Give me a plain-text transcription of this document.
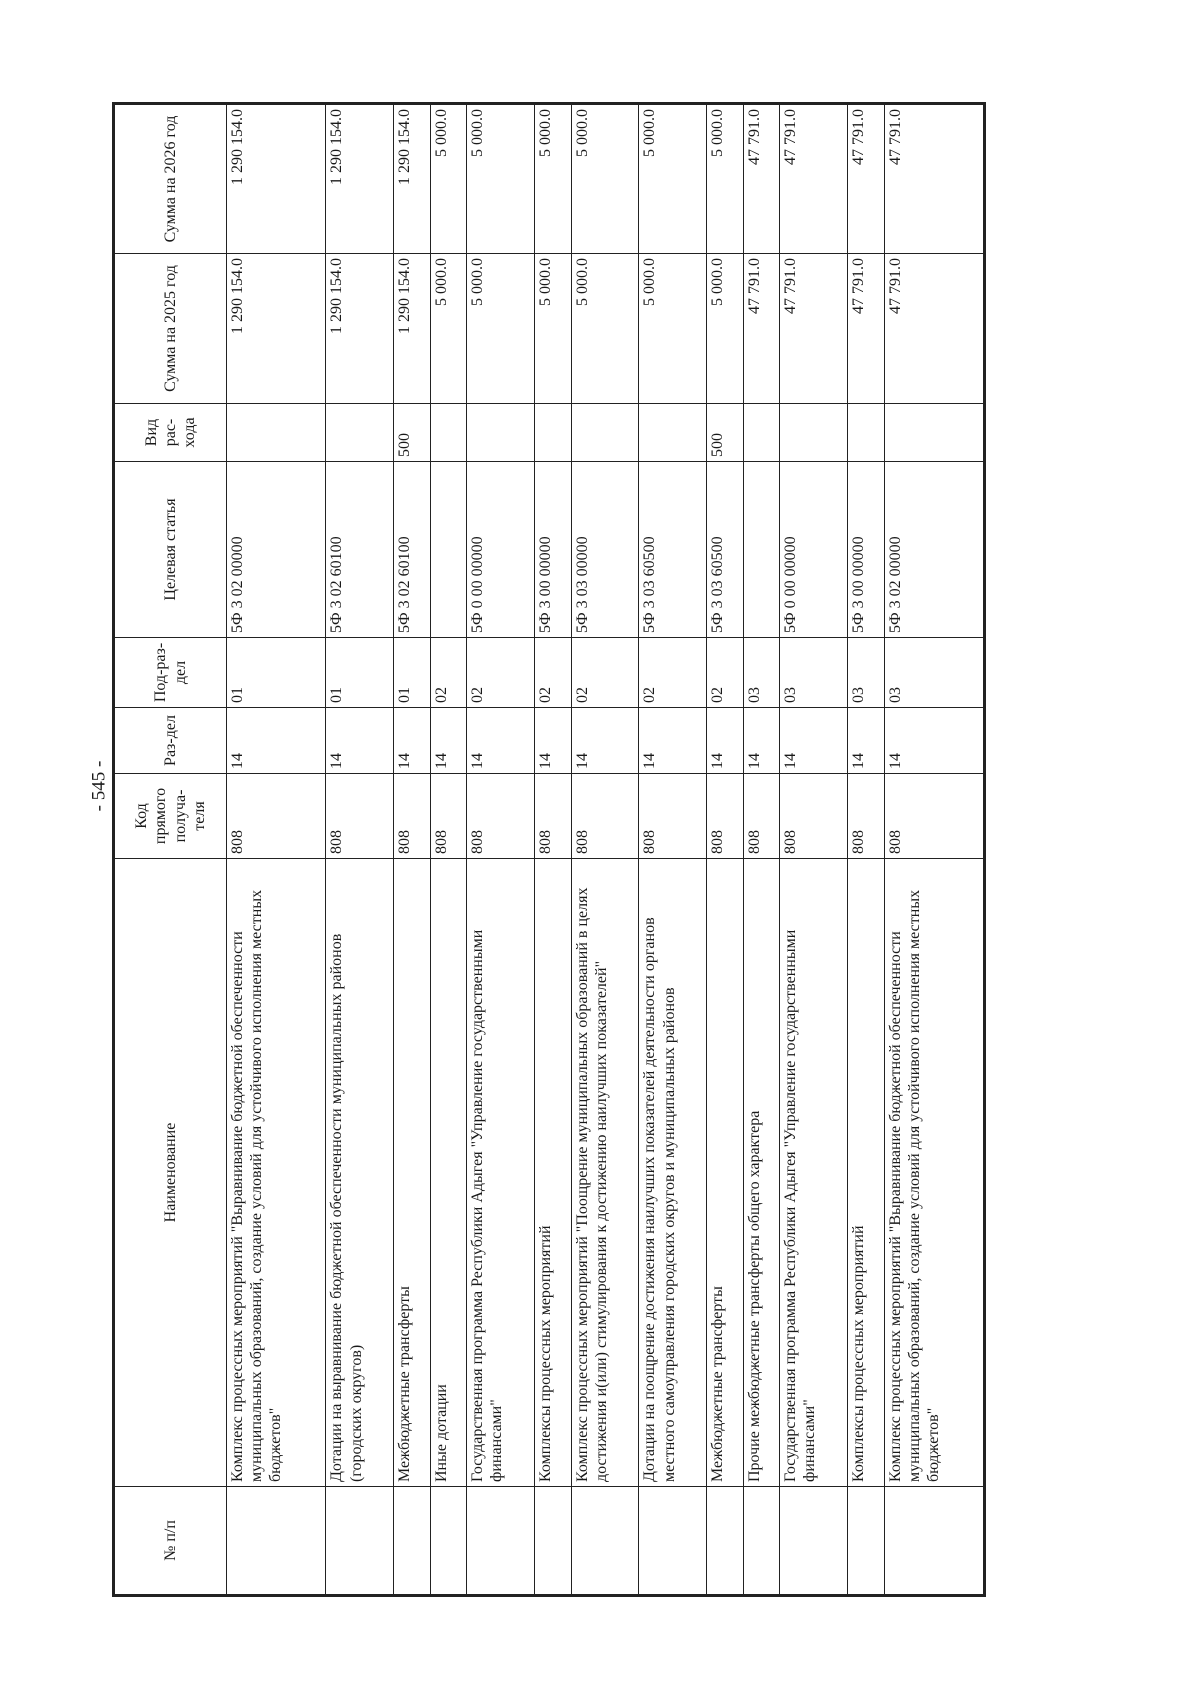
- 545 -
№ п/п	Наименование	Код прямого получа-теля	Раз-дел	Под-раз-дел	Целевая статья	Вид рас-хода	Сумма на 2025 год	Сумма на 2026 год
	Комплекс процессных мероприятий "Выравнивание бюджетной обеспеченности муниципальных образований, создание условий для устойчивого исполнения местных бюджетов"	808	14	01	5Ф 3 02 00000		1 290 154.0	1 290 154.0
	Дотации на выравнивание бюджетной обеспеченности муниципальных районов (городских округов)	808	14	01	5Ф 3 02 60100		1 290 154.0	1 290 154.0
	Межбюджетные трансферты	808	14	01	5Ф 3 02 60100	500	1 290 154.0	1 290 154.0
	Иные дотации	808	14	02			5 000.0	5 000.0
	Государственная программа Республики Адыгея "Управление государственными финансами"	808	14	02	5Ф 0 00 00000		5 000.0	5 000.0
	Комплексы процессных мероприятий	808	14	02	5Ф 3 00 00000		5 000.0	5 000.0
	Комплекс процессных мероприятий "Поощрение муниципальных образований в целях достижения и(или) стимулирования к достижению наилучших показателей"	808	14	02	5Ф 3 03 00000		5 000.0	5 000.0
	Дотации на поощрение достижения наилучших показателей деятельности органов местного самоуправления городских округов и муниципальных районов	808	14	02	5Ф 3 03 60500		5 000.0	5 000.0
	Межбюджетные трансферты	808	14	02	5Ф 3 03 60500	500	5 000.0	5 000.0
	Прочие межбюджетные трансферты общего характера	808	14	03			47 791.0	47 791.0
	Государственная программа Республики Адыгея "Управление государственными финансами"	808	14	03	5Ф 0 00 00000		47 791.0	47 791.0
	Комплексы процессных мероприятий	808	14	03	5Ф 3 00 00000		47 791.0	47 791.0
	Комплекс процессных мероприятий "Выравнивание бюджетной обеспеченности муниципальных образований, создание условий для устойчивого исполнения местных бюджетов"	808	14	03	5Ф 3 02 00000		47 791.0	47 791.0
